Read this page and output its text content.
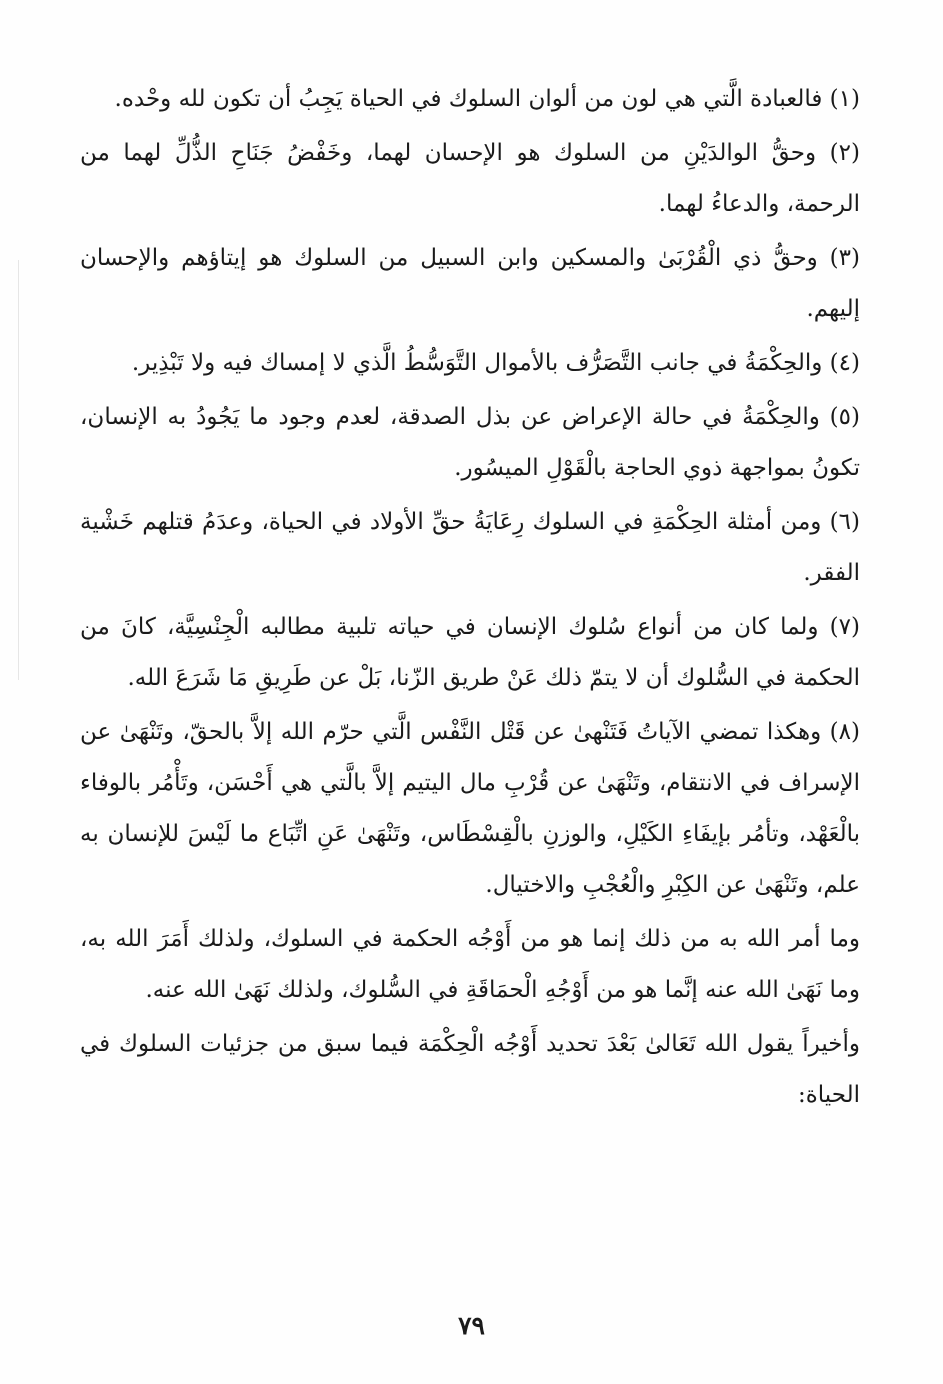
(١) فالعبادة الَّتي هي لون من ألوان السلوك في الحياة يَجِبُ أن تكون لله وحْده.

(٢) وحقُّ الوالدَيْنِ من السلوك هو الإحسان لهما، وخَفْضُ جَنَاحِ الذُّلِّ لهما من الرحمة، والدعاءُ لهما.

(٣) وحقُّ ذي الْقُرْبَىٰ والمسكين وابن السبيل من السلوك هو إيتاؤهم والإحسان إليهم.

(٤) والحِكْمَةُ في جانب التَّصَرُّف بالأموال التَّوَسُّطُ الَّذي لا إمساك فيه ولا تَبْذِير.

(٥) والحِكْمَةُ في حالة الإعراض عن بذل الصدقة، لعدم وجود ما يَجُودُ به الإنسان، تكونُ بمواجهة ذوي الحاجة بالْقَوْلِ الميسُور.

(٦) ومن أمثلة الحِكْمَةِ في السلوك رِعَايَةُ حقِّ الأولاد في الحياة، وعدَمُ قتلهم خَشْية الفقر.

(٧) ولما كان من أنواع سُلوك الإنسان في حياته تلبية مطالبه الْجِنْسِيَّة، كانَ من الحكمة في السُّلوك أن لا يتمّ ذلك عَنْ طريق الزّنا، بَلْ عن طَرِيقِ مَا شَرَعَ الله.

(٨) وهكذا تمضي الآياتُ فَتَنْهىٰ عن قَتْل النَّفْس الَّتي حرّم الله إلاَّ بالحقّ، وتَنْهَىٰ عن الإسراف في الانتقام، وتَنْهَىٰ عن قُرْبِ مال اليتيم إلاَّ بالَّتي هي أَحْسَن، وتَأْمُر بالوفاء بالْعَهْد، وتأمُر بإيفَاءِ الكَيْلِ، والوزنِ بالْقِسْطَاس، وتَنْهَىٰ عَنِ اتِّبَاع ما لَيْسَ للإنسان به علم، وتَنْهَىٰ عن الكِبْرِ والْعُجْبِ والاختيال.

وما أمر الله به من ذلك إنما هو من أَوْجُه الحكمة في السلوك، ولذلك أَمَرَ الله به، وما نَهَىٰ الله عنه إنَّما هو من أَوْجُهِ الْحمَاقَةِ في السُّلوك، ولذلك نَهَىٰ الله عنه.

وأخيراً يقول الله تَعَالىٰ بَعْدَ تحديد أَوْجُه الْحِكْمَة فيما سبق من جزئيات السلوك في الحياة:

٧٩
